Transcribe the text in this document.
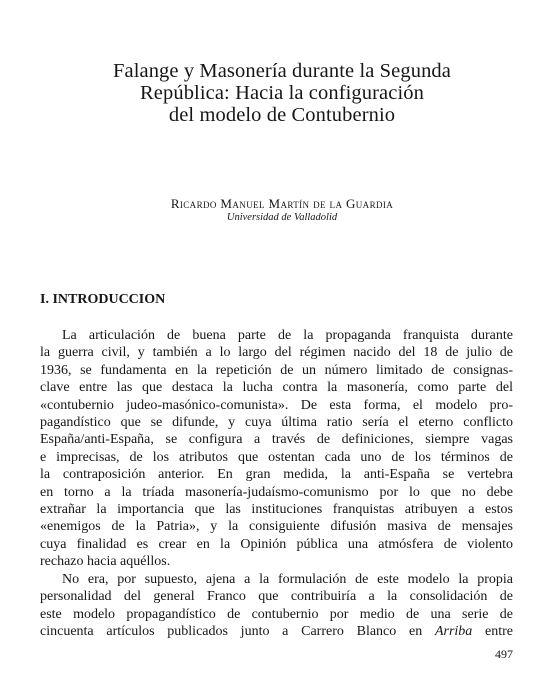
Falange y Masonería durante la Segunda
República: Hacia la configuración
del modelo de Contubernio
Ricardo Manuel Martín de la Guardia
Universidad de Valladolid
I. INTRODUCCION
La articulación de buena parte de la propaganda franquista durante
la guerra civil, y también a lo largo del régimen nacido del 18 de julio de
1936, se fundamenta en la repetición de un número limitado de consignas-
clave entre las que destaca la lucha contra la masonería, como parte del
«contubernio judeo-masónico-comunista». De esta forma, el modelo pro-
pagandístico que se difunde, y cuya última ratio sería el eterno conflicto
España/anti-España, se configura a través de definiciones, siempre vagas
e imprecisas, de los atributos que ostentan cada uno de los términos de
la contraposición anterior. En gran medida, la anti-España se vertebra
en torno a la tríada masonería-judaísmo-comunismo por lo que no debe
extrañar la importancia que las instituciones franquistas atribuyen a estos
«enemigos de la Patria», y la consiguiente difusión masiva de mensajes
cuya finalidad es crear en la Opinión pública una atmósfera de violento
rechazo hacia aquéllos.
No era, por supuesto, ajena a la formulación de este modelo la propia
personalidad del general Franco que contribuiría a la consolidación de
este modelo propagandístico de contubernio por medio de una serie de
cincuenta artículos publicados junto a Carrero Blanco en Arriba entre
497
